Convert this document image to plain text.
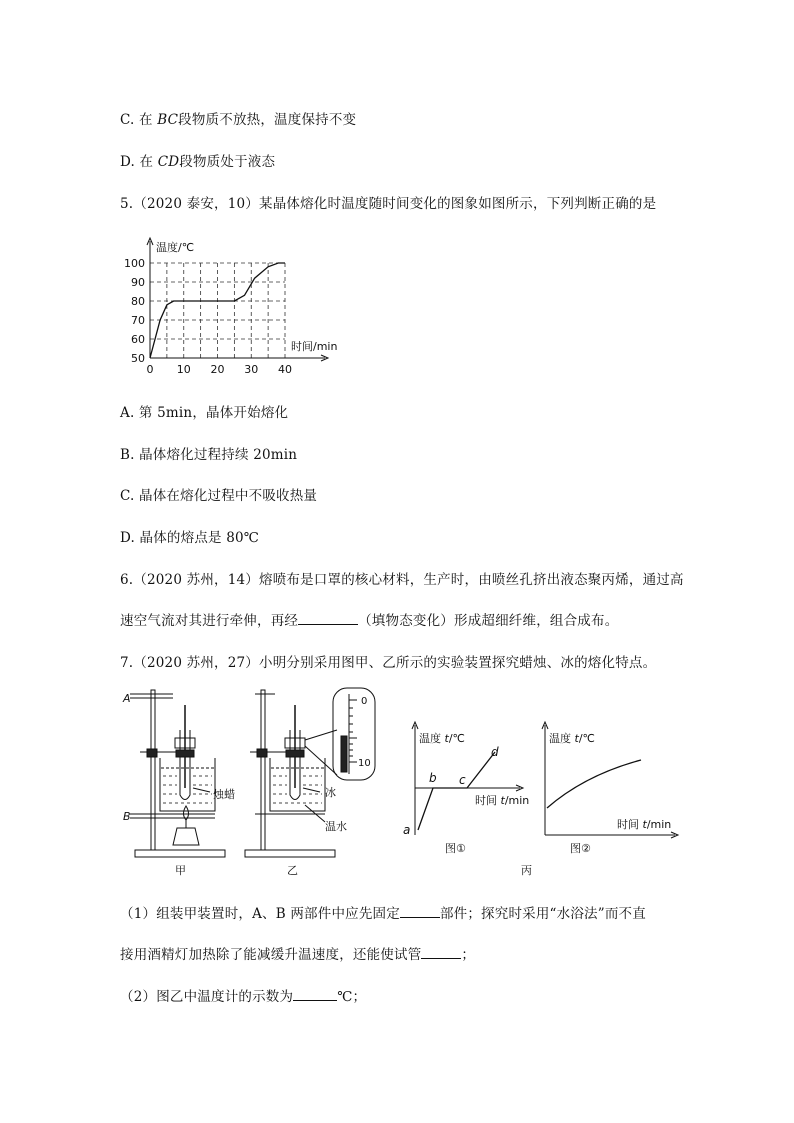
C. 在 BC段物质不放热，温度保持不变
D. 在 CD段物质处于液态
5.（2020 泰安，10）某晶体熔化时温度随时间变化的图象如图所示，下列判断正确的是
0 10 20 30 40
50
60
70
80
90
100
温度/℃
时间/min
A. 第 5min，晶体开始熔化
B. 晶体熔化过程持续 20min
C. 晶体在熔化过程中不吸收热量
D. 晶体的熔点是 80℃
6.（2020 苏州，14）熔喷布是口罩的核心材料，生产时，由喷丝孔挤出液态聚丙烯，通过高
速空气流对其进行牵伸，再经	（填物态变化）形成超细纤维，组合成布。
7.（2020 苏州，27）小明分别采用图甲、乙所示的实验装置探究蜡烛、冰的熔化特点。
A
B
烛蜡
甲
0
10
冰
温水
乙
温度 t/℃
时间 t/min
a
b c
d
图①
丙
温度 t/℃
时间 t/min
图②
（1）组装甲装置时，A、B 两部件中应先固定	部件；探究时采用“水浴法”而不直
接用酒精灯加热除了能减缓升温速度，还能使试管	；
（2）图乙中温度计的示数为	℃；
